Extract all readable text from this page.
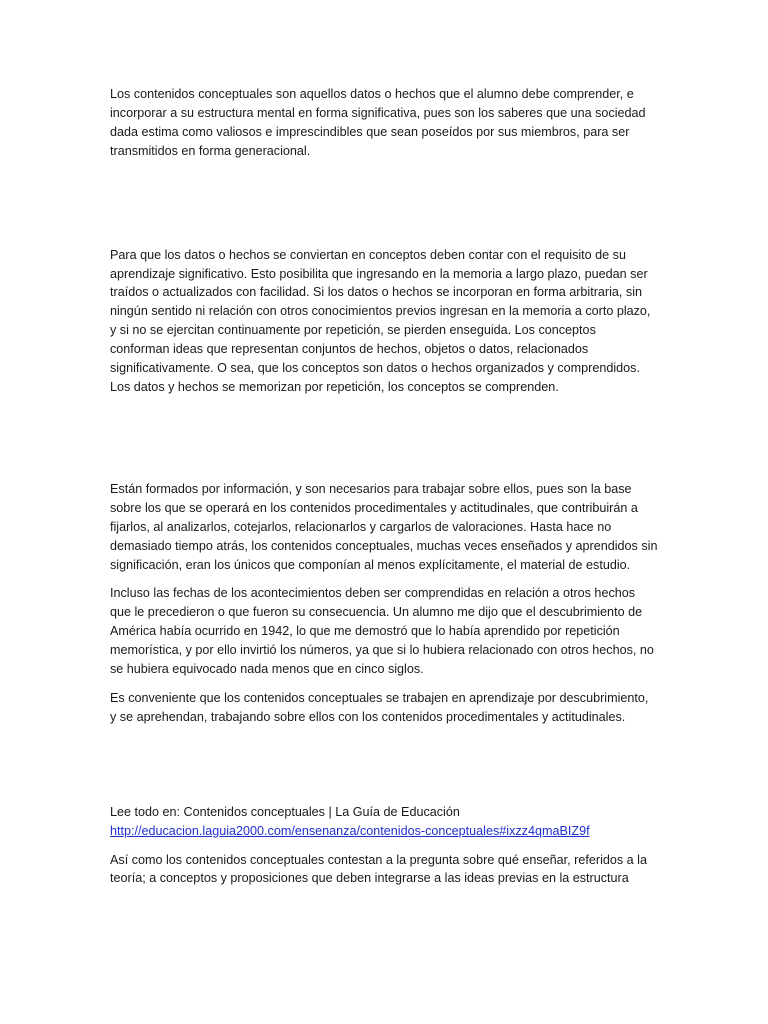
Los contenidos conceptuales son aquellos datos o hechos que el alumno debe comprender, e incorporar a su estructura mental en forma significativa, pues son los saberes que una sociedad dada estima como valiosos e imprescindibles que sean poseídos por sus miembros, para ser transmitidos en forma generacional.

Para que los datos o hechos se conviertan en conceptos deben contar con el requisito de su aprendizaje significativo. Esto posibilita que ingresando en la memoria a largo plazo, puedan ser traídos o actualizados con facilidad. Si los datos o hechos se incorporan en forma arbitraria, sin ningún sentido ni relación con otros conocimientos previos ingresan en la memoria a corto plazo, y si no se ejercitan continuamente por repetición, se pierden enseguida. Los conceptos conforman ideas que representan conjuntos de hechos, objetos o datos, relacionados significativamente. O sea, que los conceptos son datos o hechos organizados y comprendidos. Los datos y hechos se memorizan por repetición, los conceptos se comprenden.

Están formados por información, y son necesarios para trabajar sobre ellos, pues son la base sobre los que se operará en los contenidos procedimentales y actitudinales, que contribuirán a fijarlos, al analizarlos, cotejarlos, relacionarlos y cargarlos de valoraciones. Hasta hace no demasiado tiempo atrás, los contenidos conceptuales, muchas veces enseñados y aprendidos sin significación, eran los únicos que componían al menos explícitamente, el material de estudio.

Incluso las fechas de los acontecimientos deben ser comprendidas en relación a otros hechos que le precedieron o que fueron su consecuencia. Un alumno me dijo que el descubrimiento de América había ocurrido en 1942, lo que me demostró que lo había aprendido por repetición memorística, y por ello invirtió los números, ya que si lo hubiera relacionado con otros hechos, no se hubiera equivocado nada menos que en cinco siglos.

Es conveniente que los contenidos conceptuales se trabajen en aprendizaje por descubrimiento, y se aprehendan, trabajando sobre ellos con los contenidos procedimentales y actitudinales.

Lee todo en: Contenidos conceptuales | La Guía de Educación
http://educacion.laguia2000.com/ensenanza/contenidos-conceptuales#ixzz4qmaBIZ9f

Así como los contenidos conceptuales contestan a la pregunta sobre qué enseñar, referidos a la teoría; a conceptos y proposiciones que deben integrarse a las ideas previas en la estructura
